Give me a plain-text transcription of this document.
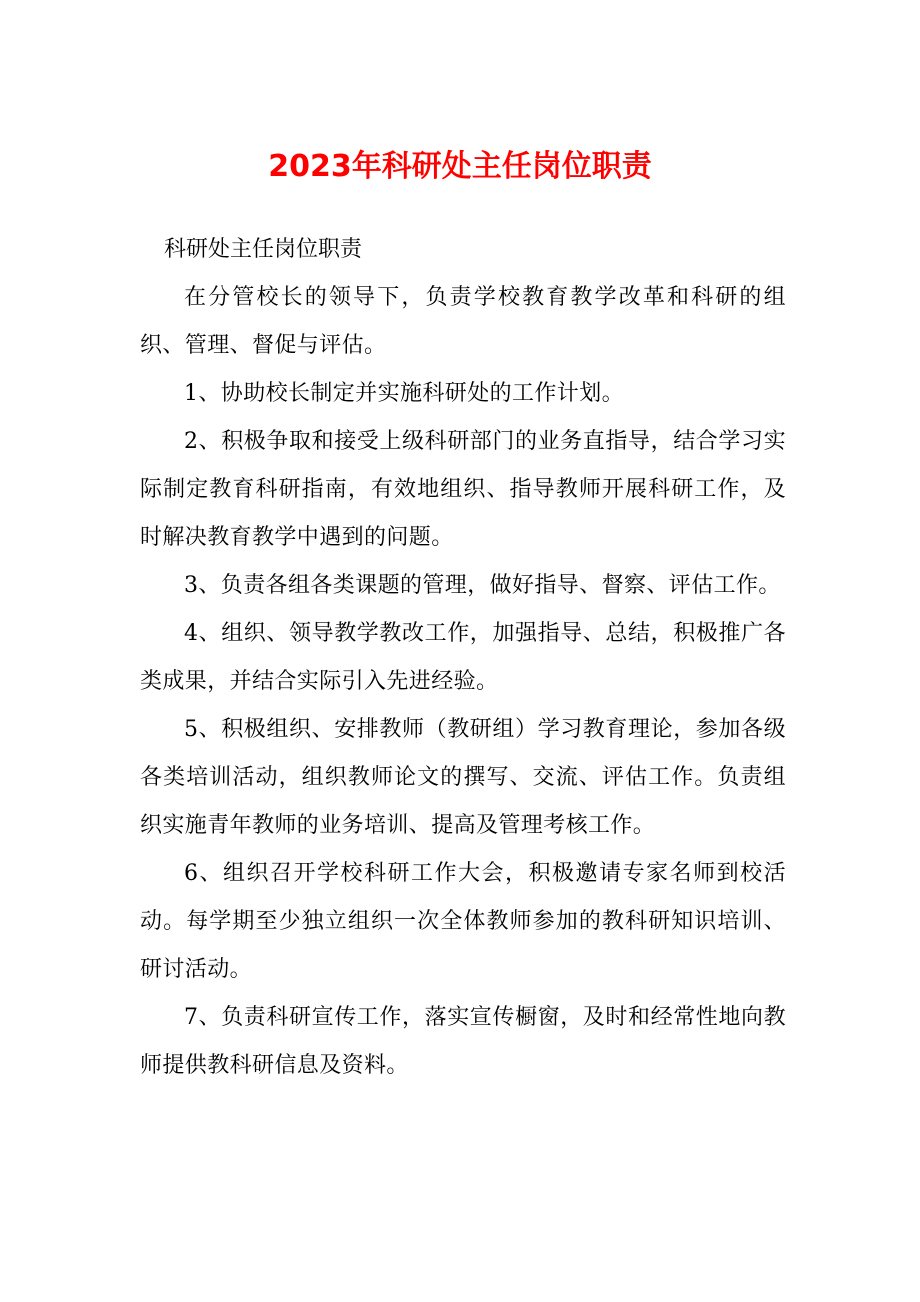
2023年科研处主任岗位职责

科研处主任岗位职责

在分管校长的领导下，负责学校教育教学改革和科研的组织、管理、督促与评估。

1、协助校长制定并实施科研处的工作计划。

2、积极争取和接受上级科研部门的业务直指导，结合学习实际制定教育科研指南，有效地组织、指导教师开展科研工作，及时解决教育教学中遇到的问题。

3、负责各组各类课题的管理，做好指导、督察、评估工作。

4、组织、领导教学教改工作，加强指导、总结，积极推广各类成果，并结合实际引入先进经验。

5、积极组织、安排教师（教研组）学习教育理论，参加各级各类培训活动，组织教师论文的撰写、交流、评估工作。负责组织实施青年教师的业务培训、提高及管理考核工作。

6、组织召开学校科研工作大会，积极邀请专家名师到校活动。每学期至少独立组织一次全体教师参加的教科研知识培训、研讨活动。

7、负责科研宣传工作，落实宣传橱窗，及时和经常性地向教师提供教科研信息及资料。
